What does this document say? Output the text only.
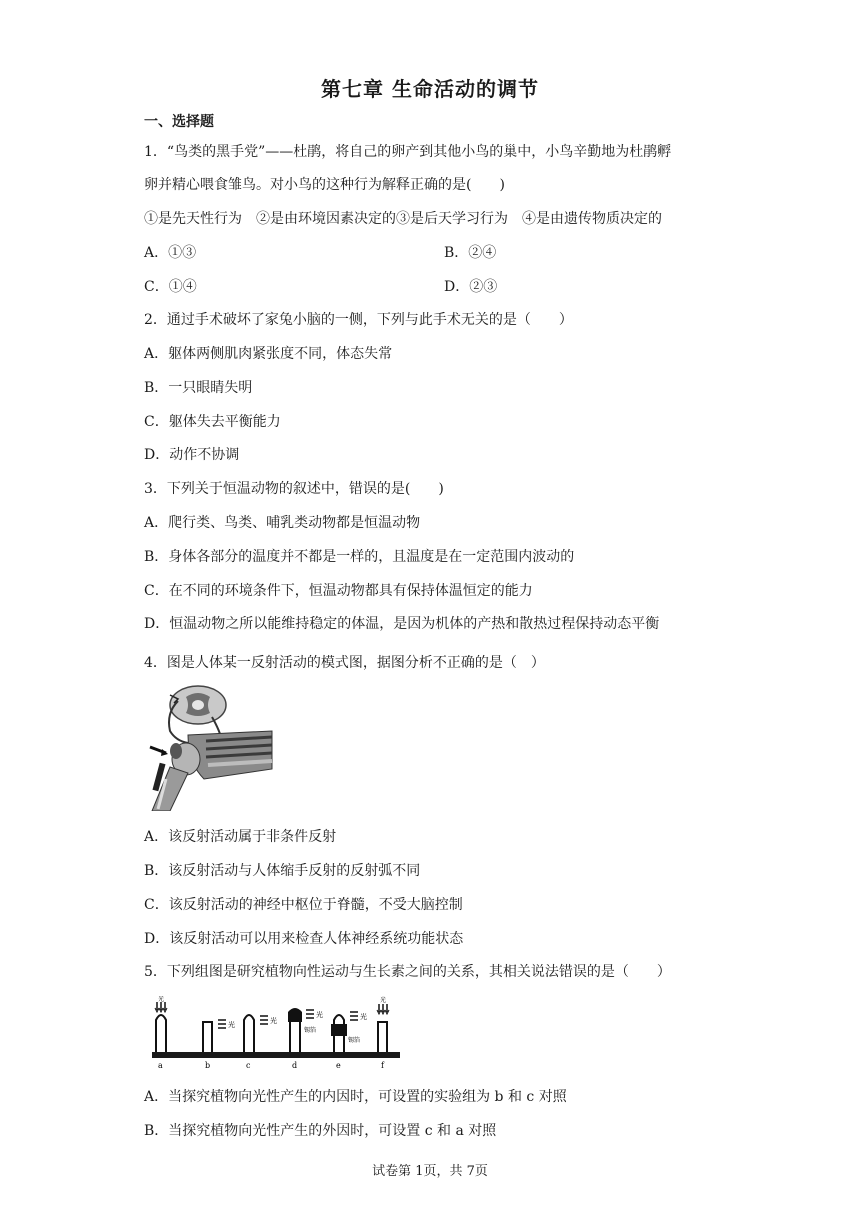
第七章 生命活动的调节
一、选择题
1．“鸟类的黑手党”——杜鹃，将自己的卵产到其他小鸟的巢中，小鸟辛勤地为杜鹃孵
卵并精心喂食雏鸟。对小鸟的这种行为解释正确的是(　　)
①是先天性行为　②是由环境因素决定的③是后天学习行为　④是由遗传物质决定的
A．①③	B．②④
C．①④	D．②③
2．通过手术破坏了家兔小脑的一侧，下列与此手术无关的是（　　）
A．躯体两侧肌肉紧张度不同，体态失常
B．一只眼睛失明
C．躯体失去平衡能力
D．动作不协调
3．下列关于恒温动物的叙述中，错误的是(　　)
A．爬行类、鸟类、哺乳类动物都是恒温动物
B．身体各部分的温度并不都是一样的，且温度是在一定范围内波动的
C．在不同的环境条件下，恒温动物都具有保持体温恒定的能力
D．恒温动物之所以能维持稳定的体温，是因为机体的产热和散热过程保持动态平衡
4．图是人体某一反射活动的模式图，据图分析不正确的是（　）
A．该反射活动属于非条件反射
B．该反射活动与人体缩手反射的反射弧不同
C．该反射活动的神经中枢位于脊髓，不受大脑控制
D．该反射活动可以用来检查人体神经系统功能状态
5．下列组图是研究植物向性运动与生长素之间的关系，其相关说法错误的是（　　）
光
a
光
b
光
c
光
锡箔
d
光
锡箔
e
光
f
A．当探究植物向光性产生的内因时，可设置的实验组为 b 和 c 对照
B．当探究植物向光性产生的外因时，可设置 c 和 a 对照
试卷第 1页，共 7页
